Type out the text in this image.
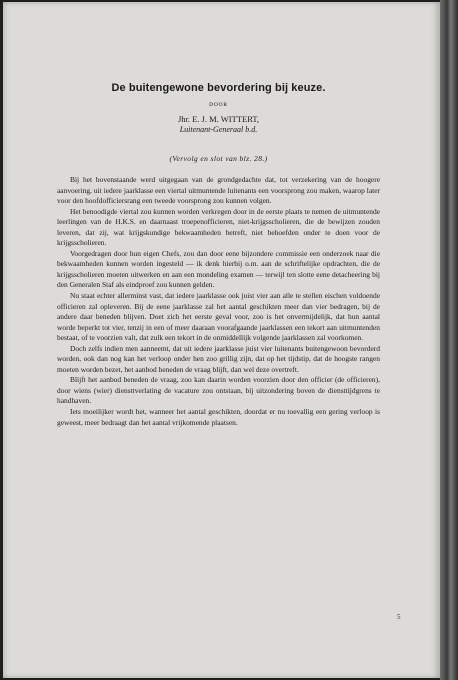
De buitengewone bevordering bij keuze.
DOOR
Jhr. E. J. M. WITTERT,
Luitenant-Generaal b.d.
(Vervolg en slot van blz. 28.)

Bij het bovenstaande werd uitgegaan van de grondgedachte dat, tot verzekering van de hoogere aanvoering, uit iedere jaarklasse een viertal uitmuntende luitenants een voorsprong zou maken, waarop later voor den hoofdofficiersrang een tweede voorsprong zou kunnen volgen.

Het benoodigde viertal zou kunnen worden verkregen door in de eerste plaats te nemen de uitmuntende leerlingen van de H.K.S. en daarnaast troepenofficieren, niet-krijgsscholieren, die de bewijzen zouden leveren, dat zij, wat krijgskundige bekwaamheden betreft, niet behoefden onder te doen voor de krijgsscholieren.

Voorgedragen door hun eigen Chefs, zou dan door eene bijzondere commissie een onderzoek naar die bekwaamheden kunnen worden ingesteld — ik denk hierbij o.m. aan de schriftelijke opdrachten, die de krijgsscholieren moeten uitwerken en aan een mondeling examen — terwijl ten slotte eene detacheering bij den Generalen Staf als eindproef zou kunnen gelden.

Nu staat echter allerminst vast, dat iedere jaarklasse ook juist vier aan alle te stellen eischen voldoende officieren zal opleveren. Bij de eene jaarklasse zal het aantal geschikten meer dan vier bedragen, bij de andere daar beneden blijven. Doet zich het eerste geval voor, zoo is het onvermijdelijk, dat hun aantal worde beperkt tot vier, tenzij in een of meer daaraan voorafgaande jaarklassen een tekort aan uitmuntenden bestaat, of te voorzien valt, dat zulk een tekort in de onmiddellijk volgende jaarklassen zal voorkomen.

Doch zelfs indien men aanneemt, dat uit iedere jaarklasse juist vier luitenants buitengewoon bevorderd worden, ook dan nog kan het verloop onder hen zoo grillig zijn, dat op het tijdstip, dat de hoogste rangen moeten worden bezet, het aanbod beneden de vraag blijft, dan wel deze overtreft.

Blijft het aanbod beneden de vraag, zoo kan daarin worden voorzien door den officier (de officieren), door wiens (wier) diensttverlating de vacature zou ontstaan, bij uitzondering boven de diensttijdgrens te handhaven.

Iets moeilijker wordt het, wanneer het aantal geschikten, doordat er nu toevallig een gering verloop is geweest, meer bedraagt dan het aantal vrijkomende plaatsen.

5
